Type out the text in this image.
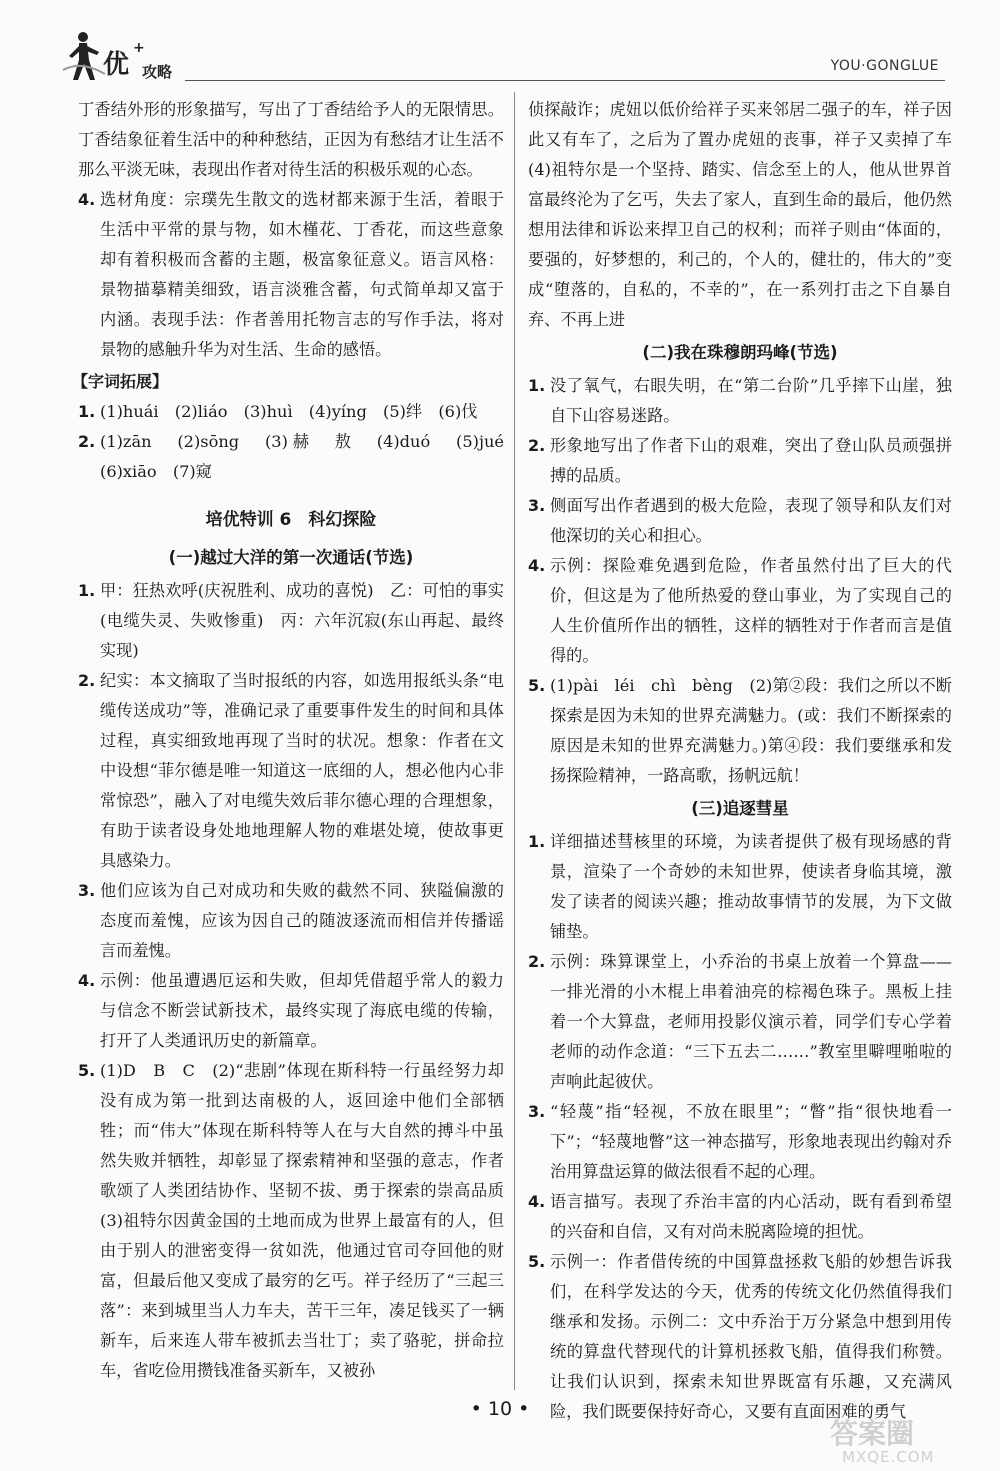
优
+
攻略	YOU·GONGLUE

丁香结外形的形象描写，写出了丁香结给予人的无限情思。丁香结象征着生活中的种种愁结，正因为有愁结才让生活不那么平淡无味，表现出作者对待生活的积极乐观的心态。

4. 选材角度：宗璞先生散文的选材都来源于生活，着眼于生活中平常的景与物，如木槿花、丁香花，而这些意象却有着积极而含蓄的主题，极富象征意义。语言风格：景物描摹精美细致，语言淡雅含蓄，句式简单却又富于内涵。表现手法：作者善用托物言志的写作手法，将对景物的感触升华为对生活、生命的感悟。
【字词拓展】
1. (1)huái　(2)liáo　(3)huì　(4)yíng　(5)绊　(6)伐
2. (1)zān　(2)sōng　(3)赫　敖　(4)duó　(5)jué　(6)xiāo　(7)窥
培优特训 6　科幻探险
(一)越过大洋的第一次通话(节选)
1. 甲：狂热欢呼(庆祝胜利、成功的喜悦)　乙：可怕的事实(电缆失灵、失败惨重)　丙：六年沉寂(东山再起、最终实现)
2. 纪实：本文摘取了当时报纸的内容，如选用报纸头条“电缆传送成功”等，准确记录了重要事件发生的时间和具体过程，真实细致地再现了当时的状况。想象：作者在文中设想“菲尔德是唯一知道这一底细的人，想必他内心非常惊恐”，融入了对电缆失效后菲尔德心理的合理想象，有助于读者设身处地地理解人物的难堪处境，使故事更具感染力。
3. 他们应该为自己对成功和失败的截然不同、狭隘偏激的态度而羞愧，应该为因自己的随波逐流而相信并传播谣言而羞愧。
4. 示例：他虽遭遇厄运和失败，但却凭借超乎常人的毅力与信念不断尝试新技术，最终实现了海底电缆的传输，打开了人类通讯历史的新篇章。
5. (1)D　B　C　(2)“悲剧”体现在斯科特一行虽经努力却没有成为第一批到达南极的人，返回途中他们全部牺牲；而“伟大”体现在斯科特等人在与大自然的搏斗中虽然失败并牺牲，却彰显了探索精神和坚强的意志，作者歌颂了人类团结协作、坚韧不拔、勇于探索的崇高品质　(3)祖特尔因黄金国的土地而成为世界上最富有的人，但由于别人的泄密变得一贫如洗，他通过官司夺回他的财富，但最后他又变成了最穷的乞丐。祥子经历了“三起三落”：来到城里当人力车夫，苦干三年，凑足钱买了一辆新车，后来连人带车被抓去当壮丁；卖了骆驼，拼命拉车，省吃俭用攒钱准备买新车，又被孙

侦探敲诈；虎妞以低价给祥子买来邻居二强子的车，祥子因此又有车了，之后为了置办虎妞的丧事，祥子又卖掉了车　(4)祖特尔是一个坚持、踏实、信念至上的人，他从世界首富最终沦为了乞丐，失去了家人，直到生命的最后，他仍然想用法律和诉讼来捍卫自己的权利；而祥子则由“体面的，要强的，好梦想的，利己的，个人的，健壮的，伟大的”变成“堕落的，自私的，不幸的”，在一系列打击之下自暴自弃、不再上进

(二)我在珠穆朗玛峰(节选)
1. 没了氧气，右眼失明，在“第二台阶”几乎摔下山崖，独自下山容易迷路。
2. 形象地写出了作者下山的艰难，突出了登山队员顽强拼搏的品质。
3. 侧面写出作者遇到的极大危险，表现了领导和队友们对他深切的关心和担心。
4. 示例：探险难免遇到危险，作者虽然付出了巨大的代价，但这是为了他所热爱的登山事业，为了实现自己的人生价值所作出的牺牲，这样的牺牲对于作者而言是值得的。
5. (1)pài　léi　chì　bèng　(2)第②段：我们之所以不断探索是因为未知的世界充满魅力。(或：我们不断探索的原因是未知的世界充满魅力。)第④段：我们要继承和发扬探险精神，一路高歌，扬帆远航！
(三)追逐彗星
1. 详细描述彗核里的环境，为读者提供了极有现场感的背景，渲染了一个奇妙的未知世界，使读者身临其境，激发了读者的阅读兴趣；推动故事情节的发展，为下文做铺垫。
2. 示例：珠算课堂上，小乔治的书桌上放着一个算盘——一排光滑的小木棍上串着油亮的棕褐色珠子。黑板上挂着一个大算盘，老师用投影仪演示着，同学们专心学着老师的动作念道：“三下五去二……”教室里噼哩啪啦的声响此起彼伏。
3. “轻蔑”指“轻视，不放在眼里”；“瞥”指“很快地看一下”；“轻蔑地瞥”这一神态描写，形象地表现出约翰对乔治用算盘运算的做法很看不起的心理。
4. 语言描写。表现了乔治丰富的内心活动，既有看到希望的兴奋和自信，又有对尚未脱离险境的担忧。
5. 示例一：作者借传统的中国算盘拯救飞船的妙想告诉我们，在科学发达的今天，优秀的传统文化仍然值得我们继承和发扬。示例二：文中乔治于万分紧急中想到用传统的算盘代替现代的计算机拯救飞船，值得我们称赞。让我们认识到，探索未知世界既富有乐趣，又充满风险，我们既要保持好奇心，又要有直面困难的勇气
• 10 •
答案圈
MXQE.COM
